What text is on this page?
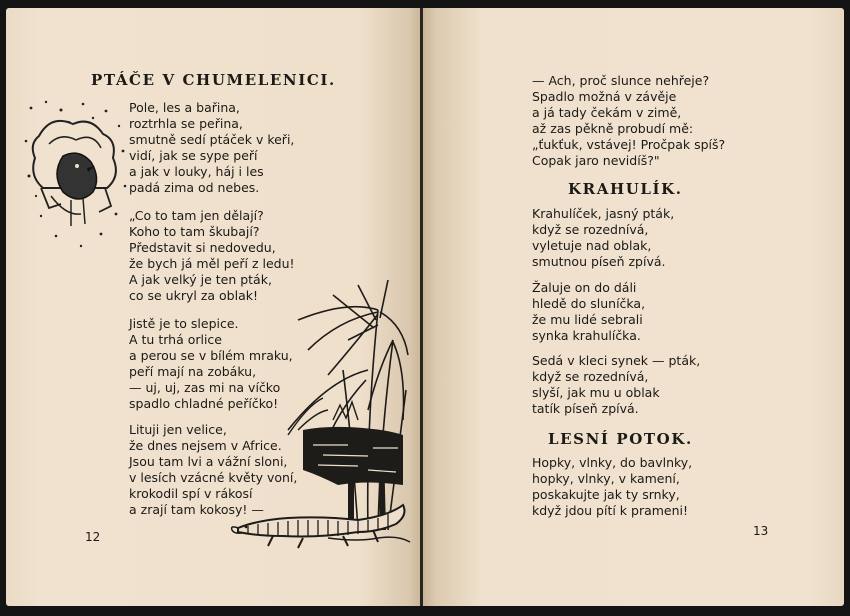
PTÁČE V CHUMELENICI.
Pole, les a bařina,
roztrhla se peřina,
smutně sedí ptáček v keři,
vidí, jak se sype peří
a jak v louky, háj i les
padá zima od nebes.
„Co to tam jen dělají?
Koho to tam škubají?
Představit si nedovedu,
že bych já měl peří z ledu!
A jak velký je ten pták,
co se ukryl za oblak!
Jistě je to slepice.
A tu trhá orlice
a perou se v bílém mraku,
peří mají na zobáku,
— uj, uj, zas mi na víčko
spadlo chladné peříčko!
Lituji jen velice,
že dnes nejsem v Africe.
Jsou tam lvi a vážní sloni,
v lesích vzácné květy voní,
krokodil spí v rákosí
a zrají tam kokosy! —
12
— Ach, proč slunce nehřeje?
Spadlo možná v závěje
a já tady čekám v zimě,
až zas pěkně probudí mě:
„ťukťuk, vstávej! Pročpak spíš?
Copak jaro nevidíš?"
KRAHULÍK.
Krahulíček, jasný pták,
když se rozednívá,
vyletuje nad oblak,
smutnou píseň zpívá.
Žaluje on do dáli
hledě do sluníčka,
že mu lidé sebrali
synka krahulíčka.
Sedá v kleci synek — pták,
když se rozednívá,
slyší, jak mu u oblak
tatík píseň zpívá.
LESNÍ POTOK.
Hopky, vlnky, do bavlnky,
hopky, vlnky, v kamení,
poskakujte jak ty srnky,
když jdou pítí k prameni!
13
